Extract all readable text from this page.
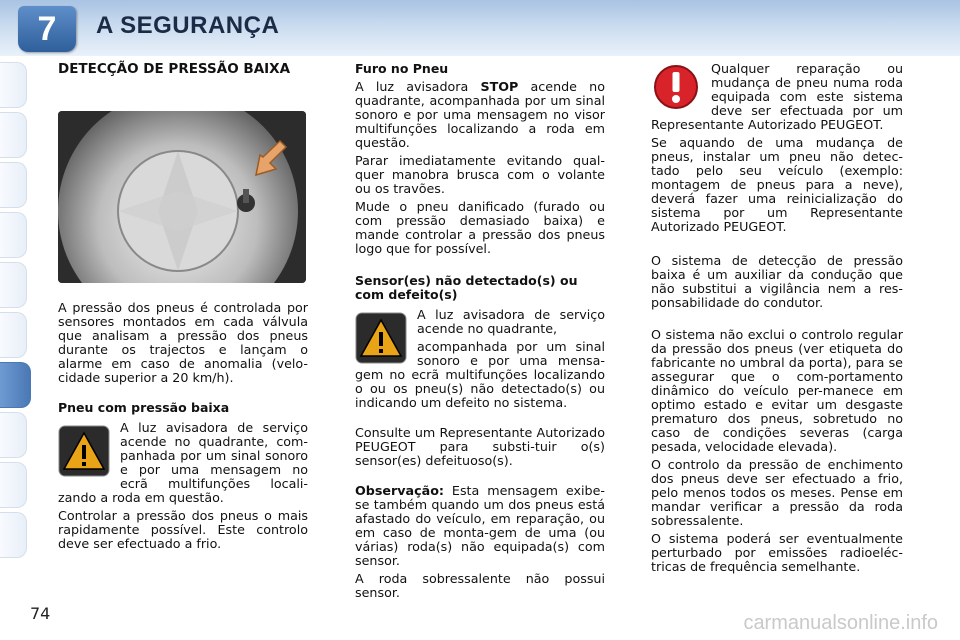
7	A SEGURANÇA
DETECÇÃO DE PRESSÃO BAIXA

A pressão dos pneus é controlada por sensores montados em cada válvula que analisam a pressão dos pneus durante os trajectos e lançam o alarme em caso de anomalia (velo-cidade superior a 20 km/h).

Pneu com pressão baixa

A luz avisadora de serviço acende no quadrante, com-panhada por um sinal sonoro e por uma mensagem no ecrã multifunções locali-zando a roda em questão.

Controlar a pressão dos pneus o mais rapidamente possível. Este controlo deve ser efectuado a frio.

Furo no Pneu

A luz avisadora STOP acende no quadrante, acompanhada por um sinal sonoro e por uma mensagem no visor multifunções localizando a roda em questão.

Parar imediatamente evitando qual-quer manobra brusca com o volante ou os travões.

Mude o pneu danificado (furado ou com pressão demasiado baixa) e mande controlar a pressão dos pneus logo que for possível.

Sensor(es) não detectado(s) ou com defeito(s)

A luz avisadora de serviço acende no quadrante,

acompanhada por um sinal sonoro e por uma mensa-gem no ecrã multifunções localizando o ou os pneu(s) não detectado(s) ou indicando um defeito no sistema.

Consulte um Representante Autorizado PEUGEOT para substi-tuir o(s) sensor(es) defeituoso(s).

Observação: Esta mensagem exibe-se também quando um dos pneus está afastado do veículo, em reparação, ou em caso de monta-gem de uma (ou várias) roda(s) não equipada(s) com sensor.

A roda sobressalente não possui sensor.

Qualquer reparação ou mudança de pneu numa roda equipada com este sistema deve ser efectuada por um Representante Autorizado PEUGEOT.

Se aquando de uma mudança de pneus, instalar um pneu não detec-tado pelo seu veículo (exemplo: montagem de pneus para a neve), deverá fazer uma reinicialização do sistema por um Representante Autorizado PEUGEOT.

O sistema de detecção de pressão baixa é um auxiliar da condução que não substitui a vigilância nem a res-ponsabilidade do condutor.

O sistema não exclui o controlo regular da pressão dos pneus (ver etiqueta do fabricante no umbral da porta), para se assegurar que o com-portamento dinâmico do veículo per-manece em optimo estado e evitar um desgaste prematuro dos pneus, sobretudo no caso de condições severas (carga pesada, velocidade elevada).

O controlo da pressão de enchimento dos pneus deve ser efectuado a frio, pelo menos todos os meses. Pense em mandar verificar a pressão da roda sobressalente.

O sistema poderá ser eventualmente perturbado por emissões radioeléc-tricas de frequência semelhante.

74	carmanualsonline.info
